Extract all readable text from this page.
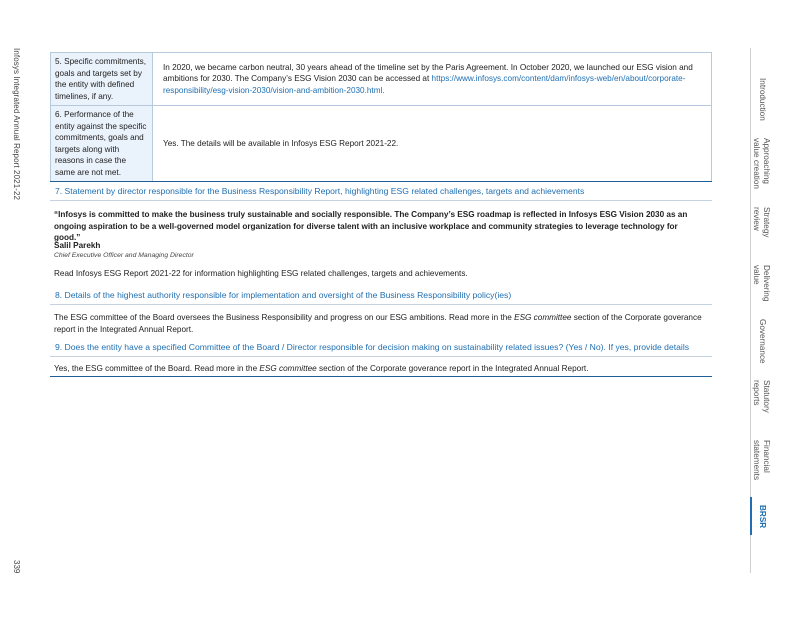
Infosys Integrated Annual Report 2021-22
339
5. Specific commitments, goals and targets set by the entity with defined timelines, if any.	In 2020, we became carbon neutral, 30 years ahead of the timeline set by the Paris Agreement. In October 2020, we launched our ESG vision and ambitions for 2030. The Company’s ESG Vision 2030 can be accessed at https://www.infosys.com/content/dam/infosys-web/en/about/corporate-responsibility/esg-vision-2030/vision-and-ambition-2030.html.
6. Performance of the entity against the specific commitments, goals and targets along with reasons in case the same are not met.	Yes. The details will be available in Infosys ESG Report 2021-22.
7. Statement by director responsible for the Business Responsibility Report, highlighting ESG related challenges, targets and achievements
“Infosys is committed to make the business truly sustainable and socially responsible. The Company’s ESG roadmap is reflected in Infosys ESG Vision 2030 as an ongoing aspiration to be a well-governed model organization for diverse talent with an inclusive workplace and community strategies to leverage technology for good.”
Salil Parekh
Chief Executive Officer and Managing Director
Read Infosys ESG Report 2021-22 for information highlighting ESG related challenges, targets and achievements.
8. Details of the highest authority responsible for implementation and oversight of the Business Responsibility policy(ies)
The ESG committee of the Board oversees the Business Responsibility and progress on our ESG ambitions. Read more in the ESG committee section of the Corporate goverance report in the Integrated Annual Report.
9. Does the entity have a specified Committee of the Board / Director responsible for decision making on sustainability related issues? (Yes / No). If yes, provide details
Yes, the ESG committee of the Board. Read more in the ESG committee section of the Corporate goverance report in the Integrated Annual Report.
Introduction
Approaching
value creation
Strategy
review
Delivering
value
Governance
Statutory
reports
Financial
statements
BRSR
